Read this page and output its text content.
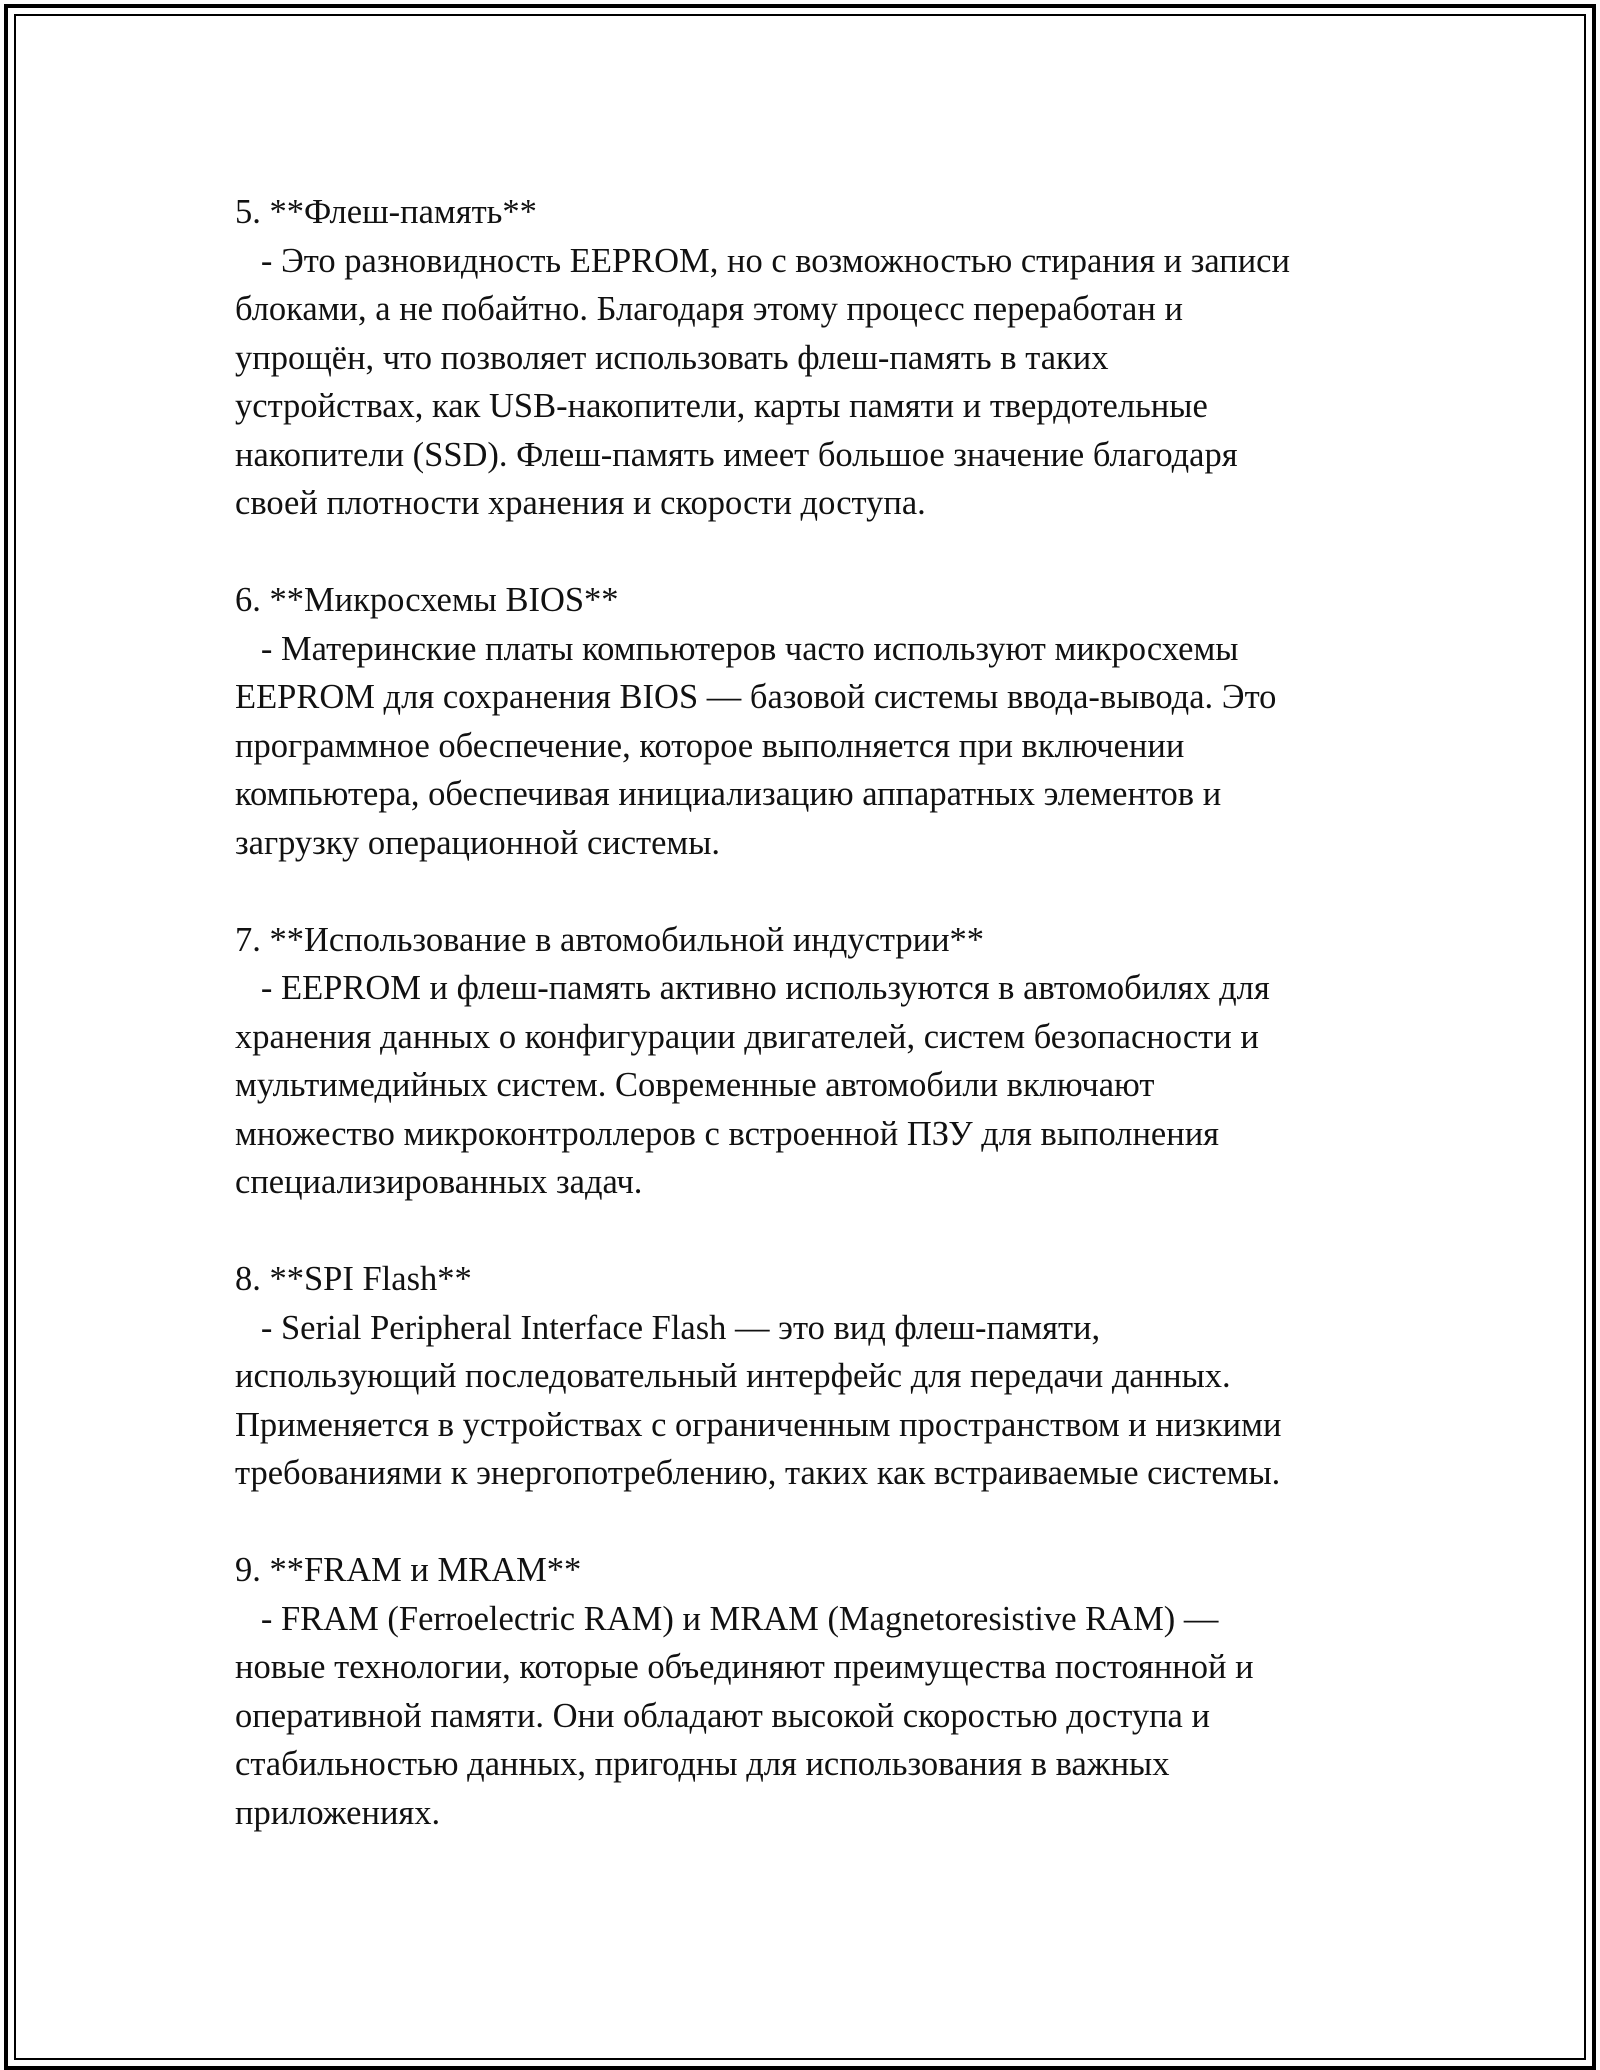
5. **Флеш-память**

- Это разновидность EEPROM, но с возможностью стирания и записи
блоками, а не побайтно. Благодаря этому процесс переработан и
упрощён, что позволяет использовать флеш-память в таких
устройствах, как USB-накопители, карты памяти и твердотельные
накопители (SSD). Флеш-память имеет большое значение благодаря
своей плотности хранения и скорости доступа.

6. **Микросхемы BIOS**

- Материнские платы компьютеров часто используют микросхемы
EEPROM для сохранения BIOS — базовой системы ввода-вывода. Это
программное обеспечение, которое выполняется при включении
компьютера, обеспечивая инициализацию аппаратных элементов и
загрузку операционной системы.

7. **Использование в автомобильной индустрии**

- EEPROM и флеш-память активно используются в автомобилях для
хранения данных о конфигурации двигателей, систем безопасности и
мультимедийных систем. Современные автомобили включают
множество микроконтроллеров с встроенной ПЗУ для выполнения
специализированных задач.

8. **SPI Flash**

- Serial Peripheral Interface Flash — это вид флеш-памяти,
использующий последовательный интерфейс для передачи данных.
Применяется в устройствах с ограниченным пространством и низкими
требованиями к энергопотреблению, таких как встраиваемые системы.

9. **FRAM и MRAM**

- FRAM (Ferroelectric RAM) и MRAM (Magnetoresistive RAM) —
новые технологии, которые объединяют преимущества постоянной и
оперативной памяти. Они обладают высокой скоростью доступа и
стабильностью данных, пригодны для использования в важных
приложениях.
